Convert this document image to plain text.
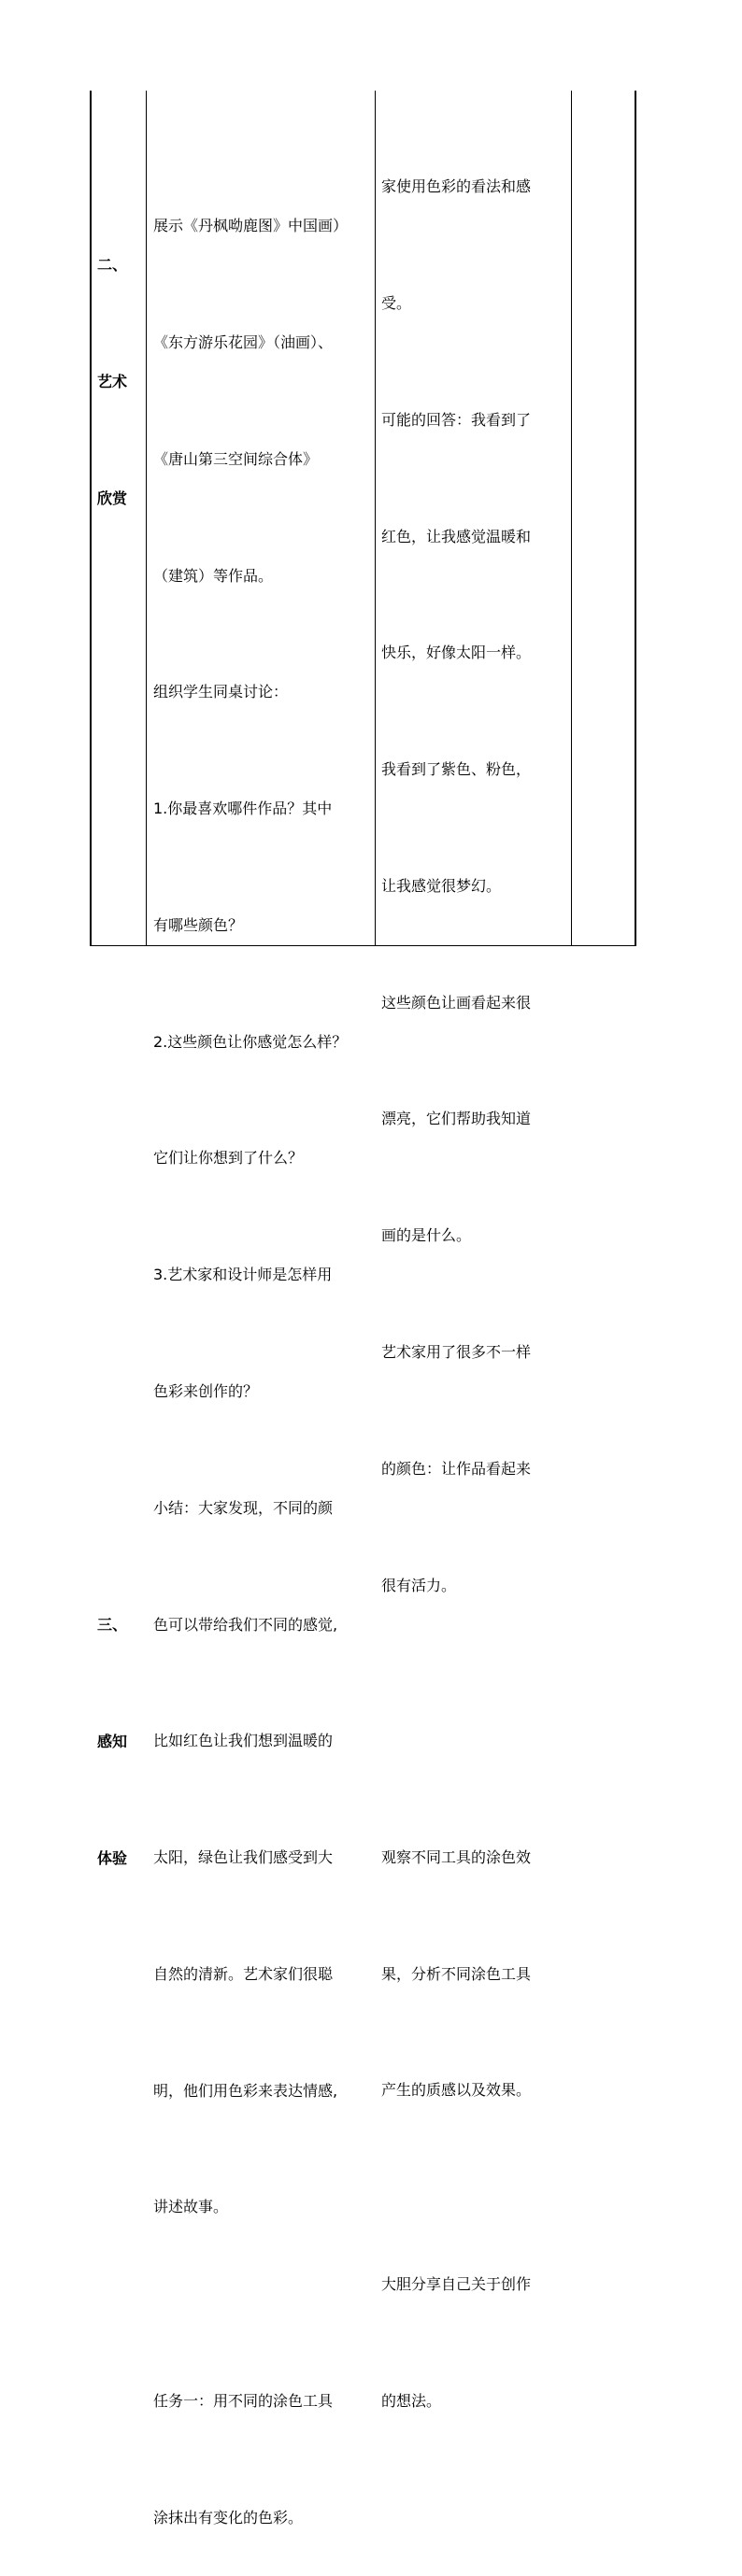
二、

艺术

欣赏

三、

感知

体验

展示《丹枫呦鹿图》中国画）

《东方游乐花园》（油画）、

《唐山第三空间综合体》

（建筑）等作品。

组织学生同桌讨论：

1.你最喜欢哪件作品？其中

有哪些颜色？

2.这些颜色让你感觉怎么样？

它们让你想到了什么？

3.艺术家和设计师是怎样用

色彩来创作的？

小结：大家发现，不同的颜

色可以带给我们不同的感觉,

比如红色让我们想到温暖的

太阳，绿色让我们感受到大

自然的清新。艺术家们很聪

明，他们用色彩来表达情感,

讲述故事。

任务一：用不同的涂色工具

涂抹出有变化的色彩。

家使用色彩的看法和感

受。

可能的回答：我看到了

红色，让我感觉温暖和

快乐，好像太阳一样。

我看到了紫色、粉色，

让我感觉很梦幻。

这些颜色让画看起来很

漂亮，它们帮助我知道

画的是什么。

艺术家用了很多不一样

的颜色：让作品看起来

很有活力。

观察不同工具的涂色效

果，分析不同涂色工具

产生的质感以及效果。

大胆分享自己关于创作

的想法。
